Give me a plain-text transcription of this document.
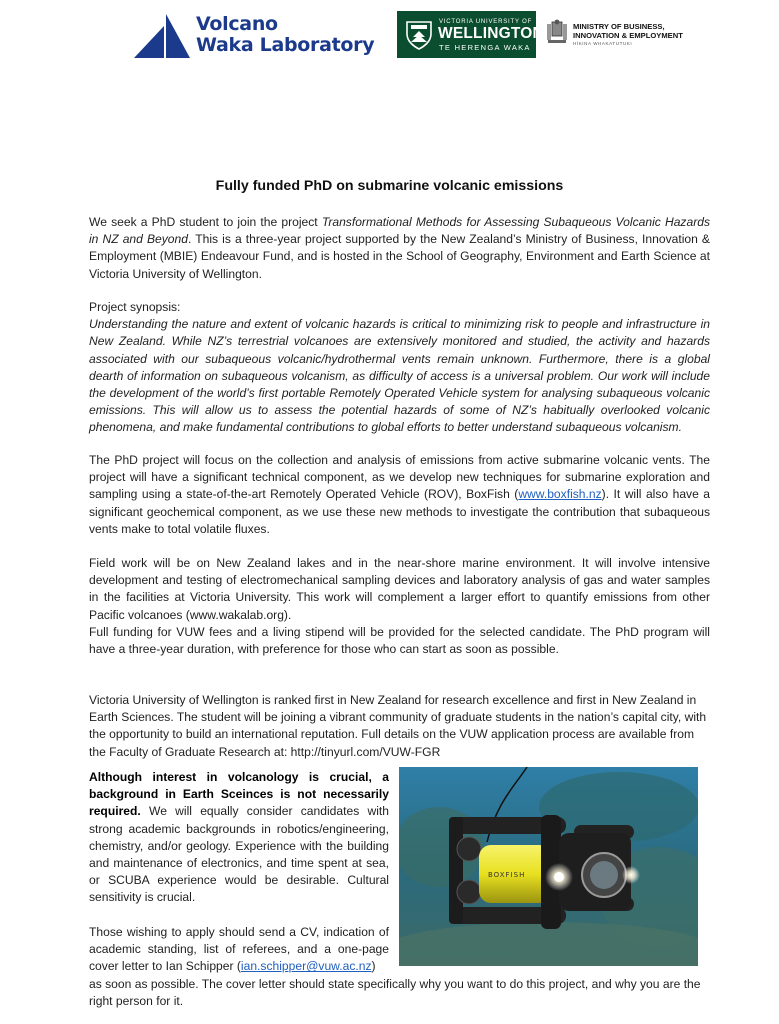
Volcano
Waka Laboratory
VICTORIA UNIVERSITY OF
WELLINGTON
TE HERENGA WAKA
MINISTRY OF BUSINESS,
INNOVATION & EMPLOYMENT
HĪKINA WHAKATUTUKI
Fully funded PhD on submarine volcanic emissions

We seek a PhD student to join the project Transformational Methods for Assessing Subaqueous Volcanic Hazards in NZ and Beyond. This is a three-year project supported by the New Zealand’s Ministry of Business, Innovation & Employment (MBIE) Endeavour Fund, and is hosted in the School of Geography, Environment and Earth Science at Victoria University of Wellington.

Project synopsis:

Understanding the nature and extent of volcanic hazards is critical to minimizing risk to people and infrastructure in New Zealand. While NZ’s terrestrial volcanoes are extensively monitored and studied, the activity and hazards associated with our subaqueous volcanic/hydrothermal vents remain unknown. Furthermore, there is a global dearth of information on subaqueous volcanism, as difficulty of access is a universal problem. Our work will include the development of the world’s first portable Remotely Operated Vehicle system for analysing subaqueous volcanic emissions. This will allow us to assess the potential hazards of some of NZ’s habitually overlooked volcanic phenomena, and make fundamental contributions to global efforts to better understand subaqueous volcanism.

The PhD project will focus on the collection and analysis of emissions from active submarine volcanic vents. The project will have a significant technical component, as we develop new techniques for submarine exploration and sampling using a state-of-the-art Remotely Operated Vehicle (ROV), BoxFish (www.boxfish.nz). It will also have a significant geochemical component, as we use these new methods to investigate the contribution that subaqueous vents make to total volatile fluxes.

Field work will be on New Zealand lakes and in the near-shore marine environment. It will involve intensive development and testing of electromechanical sampling devices and laboratory analysis of gas and water samples in the facilities at Victoria University. This work will complement a larger effort to quantify emissions from other Pacific volcanoes (www.wakalab.org).
Full funding for VUW fees and a living stipend will be provided for the selected candidate. The PhD program will have a three-year duration, with preference for those who can start as soon as possible.
Victoria University of Wellington is ranked first in New Zealand for research excellence and first in New Zealand in Earth Sciences. The student will be joining a vibrant community of graduate students in the nation’s capital city, with the opportunity to build an international reputation. Full details on the VUW application process are available from the Faculty of Graduate Research at: http://tinyurl.com/VUW-FGR

Although interest in volcanology is crucial, a background in Earth Sceinces is not necessarily required. We will equally consider candidates with strong academic backgrounds in robotics/engineering, chemistry, and/or geology. Experience with the building and maintenance of electronics, and time spent at sea, or SCUBA experience would be desirable. Cultural sensitivity is crucial.

Those wishing to apply should send a CV, indication of academic standing, list of referees, and a one-page cover letter to Ian Schipper (ian.schipper@vuw.ac.nz)
as soon as possible. The cover letter should state specifically why you want to do this project, and why you are the right person for it.
BOXFISH
